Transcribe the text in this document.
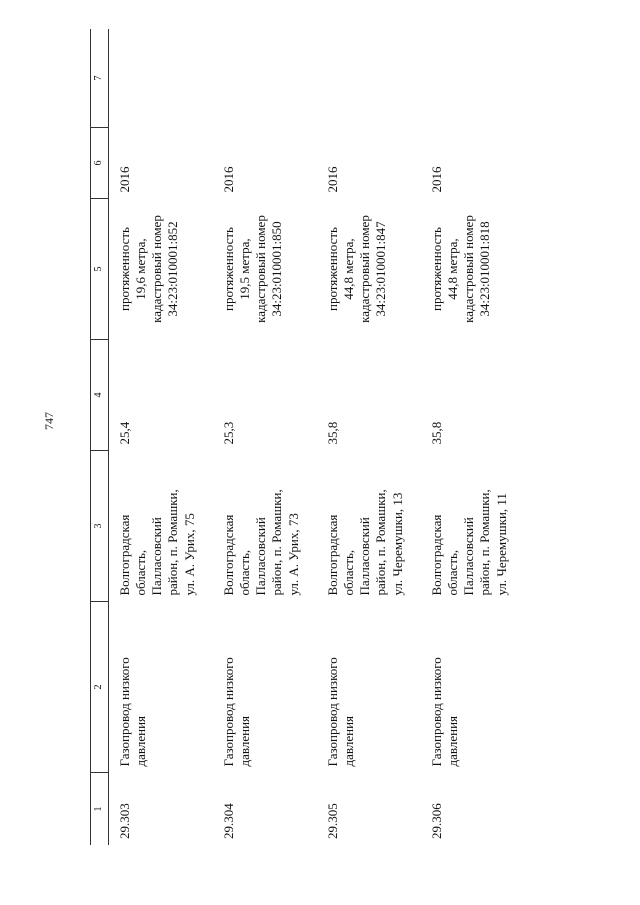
747
1	2	3	4	5	6	7
29.303	Газопровод низкого давления	Волгоградская область, Палласовский район, п. Ромашки, ул. А. Урих, 75	25,4	протяженность 19,6 метра, кадастровый номер 34:23:010001:852	2016	
29.304	Газопровод низкого давления	Волгоградская область, Палласовский район, п. Ромашки, ул. А. Урих, 73	25,3	протяженность 19,5 метра, кадастровый номер 34:23:010001:850	2016	
29.305	Газопровод низкого давления	Волгоградская область, Палласовский район, п. Ромашки, ул. Черемушки, 13	35,8	протяженность 44,8 метра, кадастровый номер 34:23:010001:847	2016	
29.306	Газопровод низкого давления	Волгоградская область, Палласовский район, п. Ромашки, ул. Черемушки, 11	35,8	протяженность 44,8 метра, кадастровый номер 34:23:010001:818	2016	
